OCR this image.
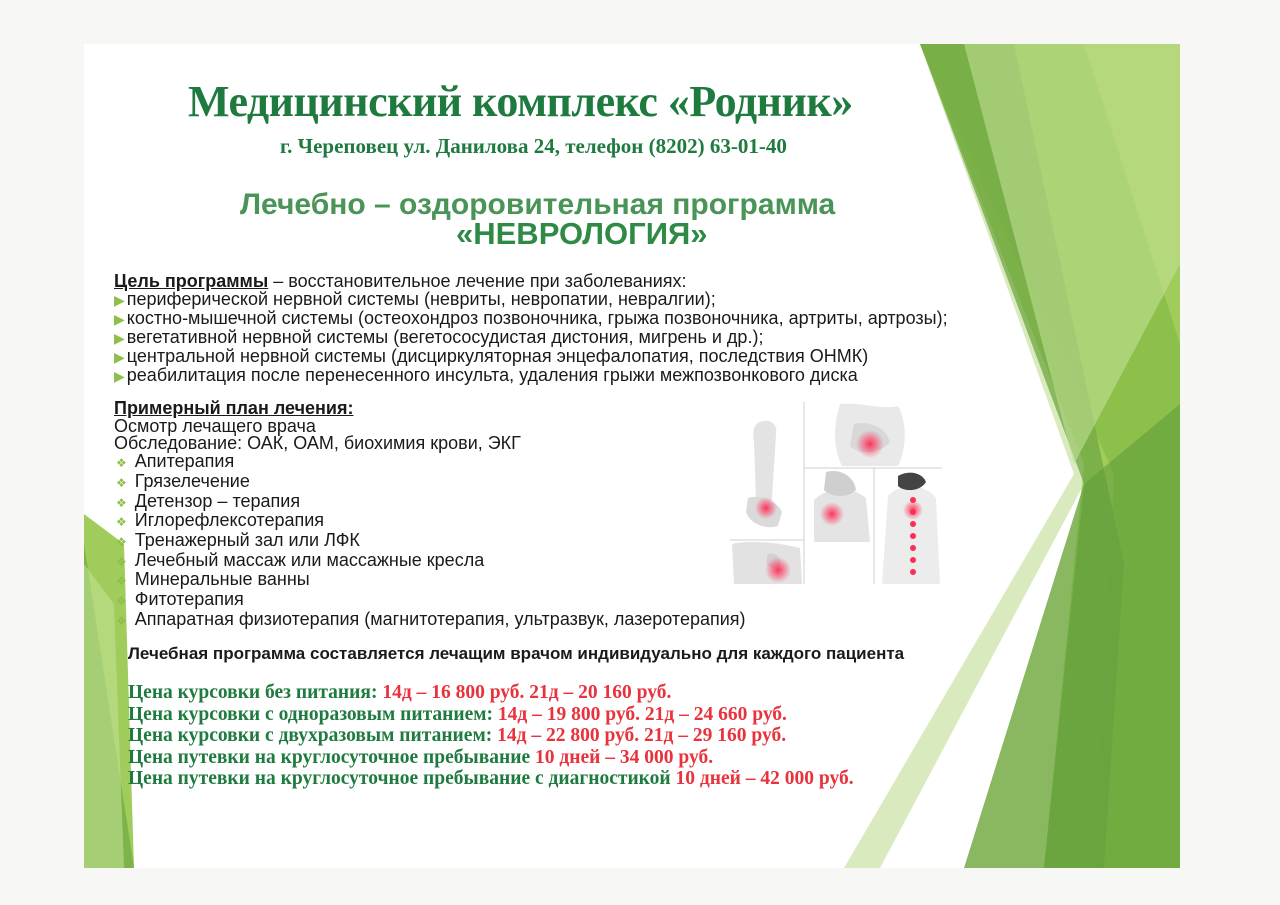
Медицинский комплекс «Родник»
г. Череповец ул. Данилова 24, телефон (8202) 63-01-40
Лечебно – оздоровительная программа
«НЕВРОЛОГИЯ»
Цель программы – восстановительное лечение при заболеваниях:
▶ периферической нервной системы (невриты, невропатии, невралгии);
▶ костно-мышечной системы (остеохондроз позвоночника, грыжа позвоночника, артриты, артрозы);
▶ вегетативной нервной системы (вегетососудистая дистония, мигрень и др.);
▶ центральной нервной системы (дисциркуляторная энцефалопатия, последствия ОНМК)
▶ реабилитация после перенесенного инсульта, удаления грыжи межпозвонкового диска
Примерный план лечения:
Осмотр лечащего врача
Обследование: ОАК, ОАМ, биохимия крови, ЭКГ
❖ Апитерапия
❖ Грязелечение
❖ Детензор – терапия
❖ Иглорефлексотерапия
❖ Тренажерный зал или ЛФК
❖ Лечебный массаж или массажные кресла
❖ Минеральные ванны
❖ Фитотерапия
❖ Аппаратная физиотерапия (магнитотерапия, ультразвук, лазеротерапия)
Лечебная программа составляется лечащим врачом индивидуально для каждого пациента
Цена курсовки без питания: 14д – 16 800 руб. 21д – 20 160 руб.
Цена курсовки с одноразовым питанием: 14д – 19 800 руб. 21д – 24 660 руб.
Цена курсовки с двухразовым питанием: 14д – 22 800 руб. 21д – 29 160 руб.
Цена путевки на круглосуточное пребывание 10 дней – 34 000 руб.
Цена путевки на круглосуточное пребывание с диагностикой 10 дней – 42 000 руб.
